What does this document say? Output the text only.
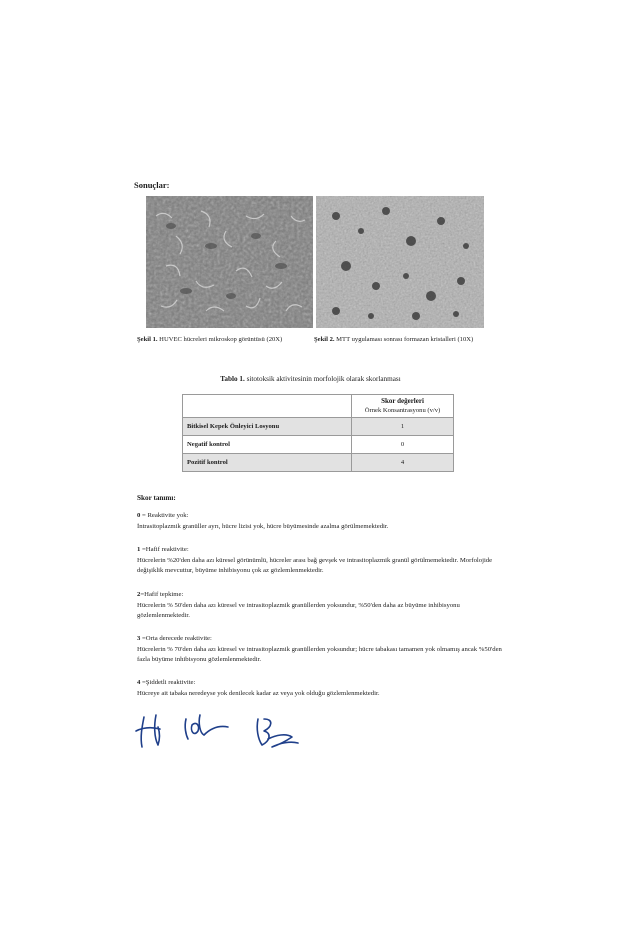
Sonuçlar:
Şekil 1. HUVEC hücreleri mikroskop görüntüsü (20X)	Şekil 2. MTT uygulaması sonrası formazan kristalleri (10X)
Tablo 1. sitotoksik aktivitesinin morfolojik olarak skorlanması

	Skor değerleri
Örnek Konsantrasyonu (v/v)
Bitkisel Kepek Önleyici Losyonu	1
Negatif kontrol	0
Pozitif kontrol	4
Skor tanımı:
0 = Reaktivite yok:
İntrasitoplazmik granüller ayrı, hücre lizisi yok, hücre büyümesinde azalma görülmemektedir.
1 =Hafif reaktivite:
Hücrelerin %20'den daha azı küresel görünümlü, hücreler arası bağ gevşek ve intrasitoplazmik granül görülmemektedir. Morfolojide değişiklik mevcuttur, büyüme inhibisyonu çok az gözlemlenmektedir.
2=Hafif tepkime:
Hücrelerin % 50'den daha azı küresel ve intrasitoplazmik granüllerden yoksundur, %50'den daha az büyüme inhibisyonu gözlemlenmektedir.
3 =Orta derecede reaktivite:
Hücrelerin % 70'den daha azı küresel ve intrasitoplazmik granüllerden yoksundur; hücre tabakası tamamen yok olmamış ancak %50'den fazla büyüme inhibisyonu gözlemlenmektedir.
4 =Şiddetli reaktivite:
Hücreye ait tabaka neredeyse yok denilecek kadar az veya yok olduğu gözlemlenmektedir.
